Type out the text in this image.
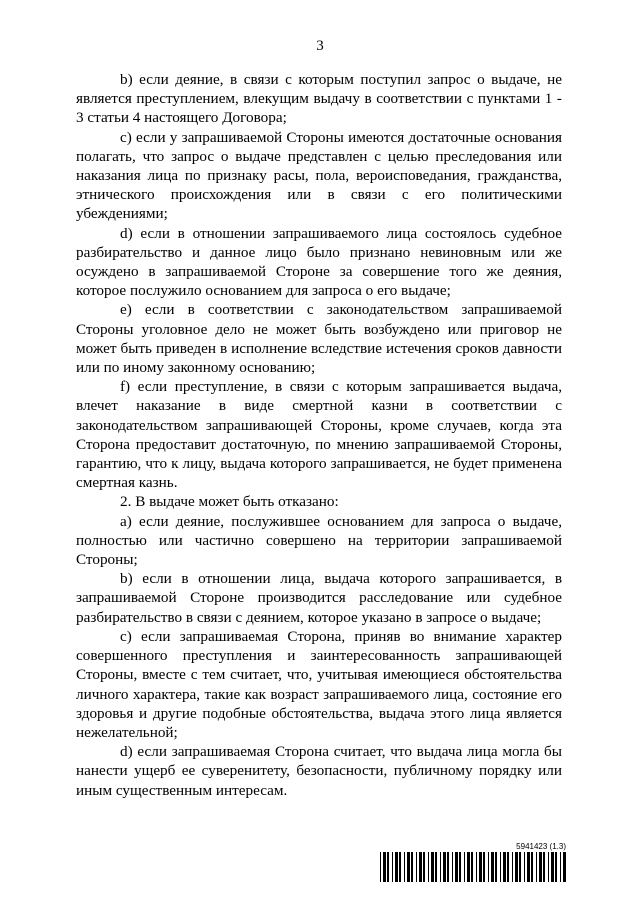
3

b) если деяние, в связи с которым поступил запрос о выдаче, не является преступлением, влекущим выдачу в соответствии с пунктами 1 - 3 статьи 4 настоящего Договора;

c) если у запрашиваемой Стороны имеются достаточные основания полагать, что запрос о выдаче представлен с целью преследования или наказания лица по признаку расы, пола, вероисповедания, гражданства, этнического происхождения или в связи с его политическими убеждениями;

d) если в отношении запрашиваемого лица состоялось судебное разбирательство и данное лицо было признано невиновным или же осуждено в запрашиваемой Стороне за совершение того же деяния, которое послужило основанием для запроса о его выдаче;

e) если в соответствии с законодательством запрашиваемой Стороны уголовное дело не может быть возбуждено или приговор не может быть приведен в исполнение вследствие истечения сроков давности или по иному законному основанию;

f) если преступление, в связи с которым запрашивается выдача, влечет наказание в виде смертной казни в соответствии с законодательством запрашивающей Стороны, кроме случаев, когда эта Сторона предоставит достаточную, по мнению запрашиваемой Стороны, гарантию, что к лицу, выдача которого запрашивается, не будет применена смертная казнь.

2. В выдаче может быть отказано:

a) если деяние, послужившее основанием для запроса о выдаче, полностью или частично совершено на территории запрашиваемой Стороны;

b) если в отношении лица, выдача которого запрашивается, в запрашиваемой Стороне производится расследование или судебное разбирательство в связи с деянием, которое указано в запросе о выдаче;

c) если запрашиваемая Сторона, приняв во внимание характер совершенного преступления и заинтересованность запрашивающей Стороны, вместе с тем считает, что, учитывая имеющиеся обстоятельства личного характера, такие как возраст запрашиваемого лица, состояние его здоровья и другие подобные обстоятельства, выдача этого лица является нежелательной;

d) если запрашиваемая Сторона считает, что выдача лица могла бы нанести ущерб ее суверенитету, безопасности, публичному порядку или иным существенным интересам.

5941423 (1.3)
